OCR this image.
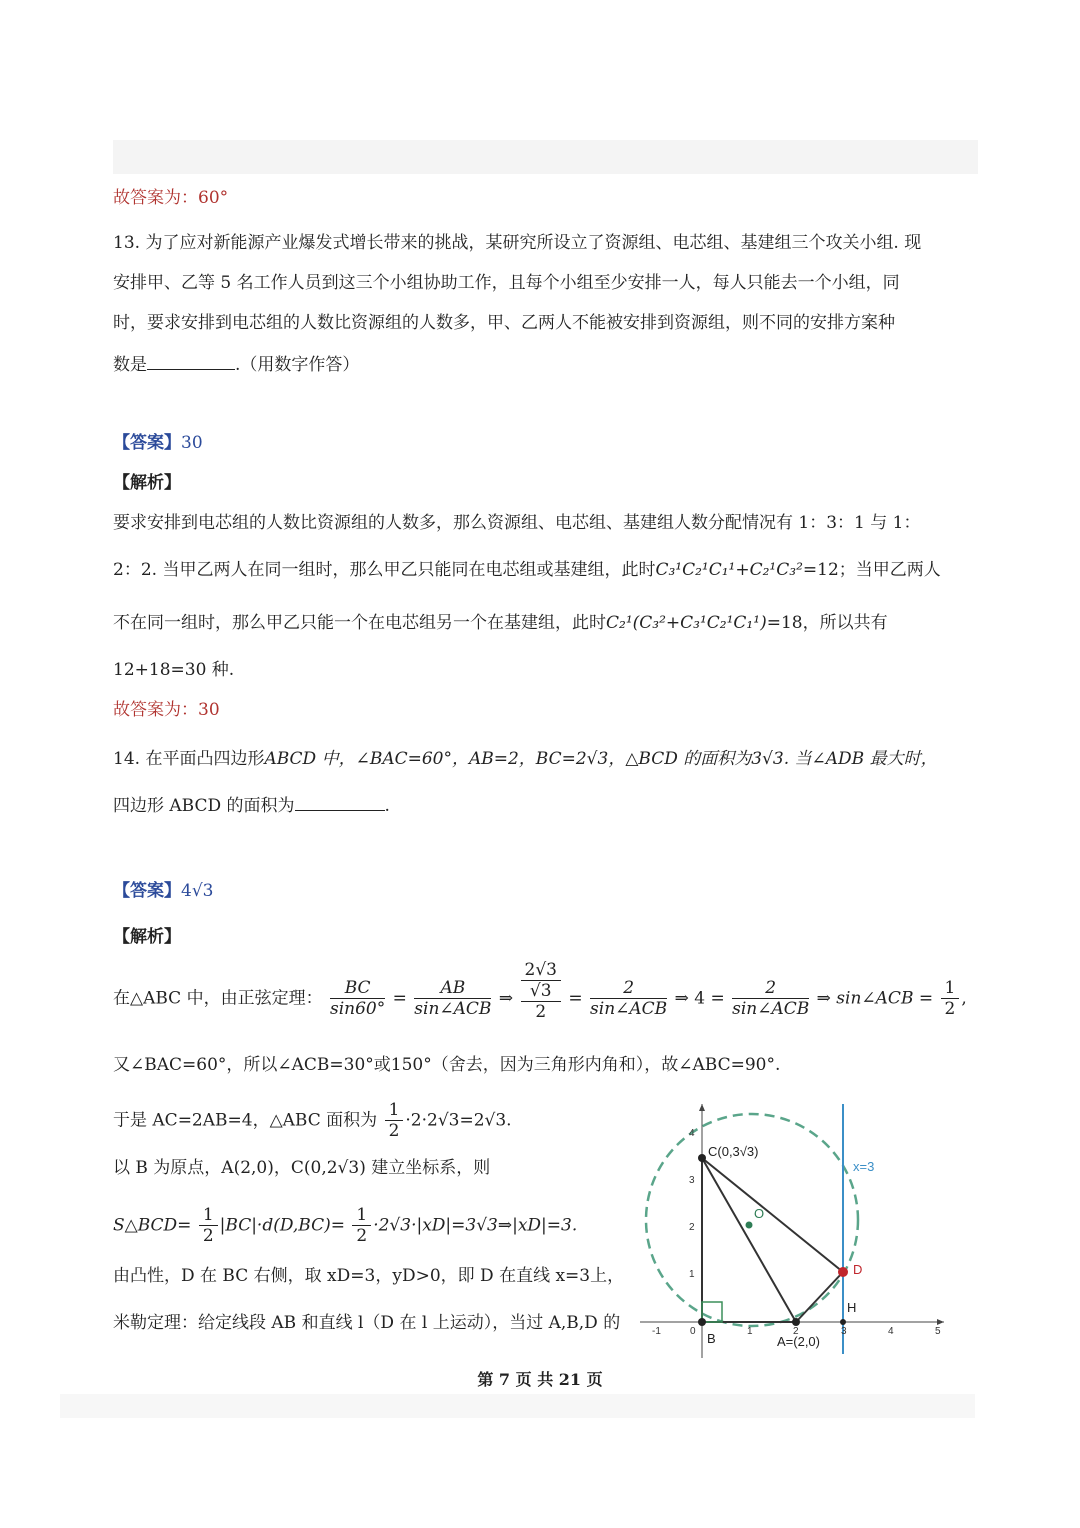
故答案为：60°
13. 为了应对新能源产业爆发式增长带来的挑战，某研究所设立了资源组、电芯组、基建组三个攻关小组. 现
安排甲、乙等 5 名工作人员到这三个小组协助工作，且每个小组至少安排一人，每人只能去一个小组，同
时，要求安排到电芯组的人数比资源组的人数多，甲、乙两人不能被安排到资源组，则不同的安排方案种
数是	.（用数字作答）
【答案】30
【解析】
要求安排到电芯组的人数比资源组的人数多，那么资源组、电芯组、基建组人数分配情况有 1：3：1 与 1：
2：2. 当甲乙两人在同一组时，那么甲乙只能同在电芯组或基建组，此时C₃¹C₂¹C₁¹+C₂¹C₃²=12；当甲乙两人
不在同一组时，那么甲乙只能一个在电芯组另一个在基建组，此时C₂¹(C₃²+C₃¹C₂¹C₁¹)=18，所以共有
12+18=30 种.
故答案为：30
14. 在平面凸四边形ABCD 中，∠BAC=60°，AB=2，BC=2√3，△BCD 的面积为3√3. 当∠ADB 最大时，
四边形 ABCD 的面积为	.
【答案】4√3
【解析】
在△ABC 中，由正弦定理： $\frac{BC}{\sin 60^\circ} = \frac{AB}{\text{sin∠ACB}}$ ⇒
2√3
√3
2
= $\frac{2}{\text{sin∠ACB}}$ ⇒ $4 = \frac{2}{\text{sin∠ACB}}$ ⇒ sin∠ACB = $\frac{1}{2}$ ,
又∠BAC=60°，所以∠ACB=30°或150°（舍去，因为三角形内角和），故∠ABC=90°.
于是 AC=2AB=4，△ABC 面积为 $\frac{1}{2} \cdot 2\cdot 2√3=2√3$.
以 B 为原点，A(2,0)，C(0,2√3) 建立坐标系，则
S△BCD= $\frac{1}{2} |BC|\cdot d(D,BC)= \frac{1}{2}$ ·2√3·|xD|=3√3⇒|xD|=3.
由凸性，D 在 BC 右侧，取 xD=3，yD>0，即 D 在直线 x=3上，
米勒定理：给定线段 AB 和直线 l（D 在 l 上运动），当过 A,B,D 的	-1	0	1	2	3	4	5
1
2
3
4
C(0,3√3)
O
D
H
B	A=(2,0)
x=3
第 7 页 共 21 页
